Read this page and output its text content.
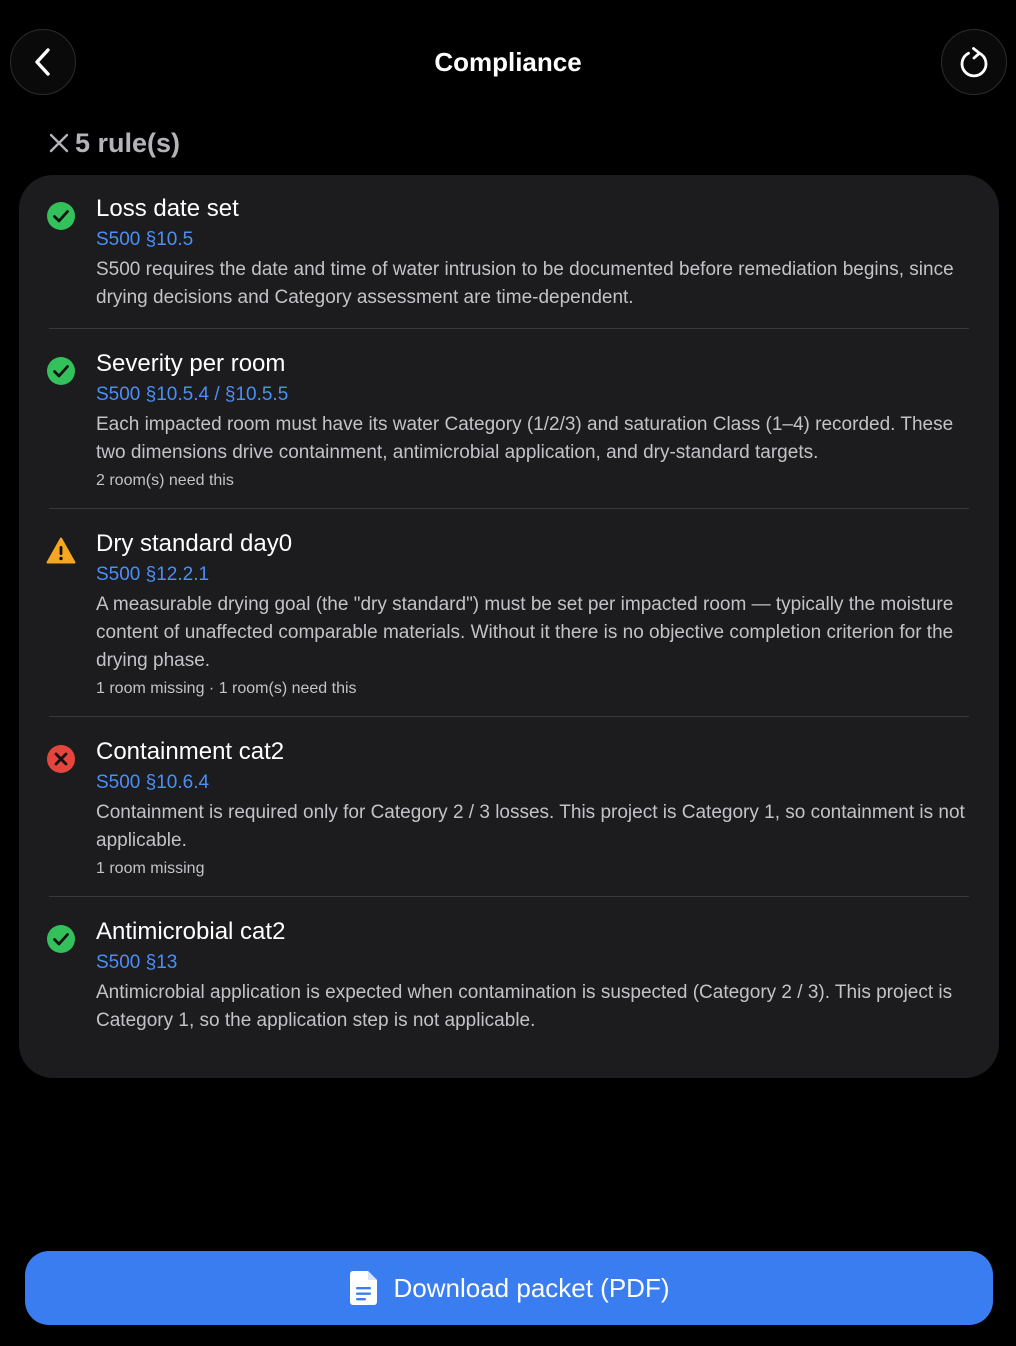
Compliance
5 rule(s)
Loss date set
S500 §10.5
S500 requires the date and time of water intrusion to be documented before remediation begins, since drying decisions and Category assessment are time-dependent.
Severity per room
S500 §10.5.4 / §10.5.5
Each impacted room must have its water Category (1/2/3) and saturation Class (1–4) recorded. These two dimensions drive containment, antimicrobial application, and dry-standard targets.
2 room(s) need this
Dry standard day0
S500 §12.2.1
A measurable drying goal (the "dry standard") must be set per impacted room — typically the moisture content of unaffected comparable materials. Without it there is no objective completion criterion for the drying phase.
1 room missing · 1 room(s) need this
Containment cat2
S500 §10.6.4
Containment is required only for Category 2 / 3 losses. This project is Category 1, so containment is not applicable.
1 room missing
Antimicrobial cat2
S500 §13
Antimicrobial application is expected when contamination is suspected (Category 2 / 3). This project is Category 1, so the application step is not applicable.
Download packet (PDF)
